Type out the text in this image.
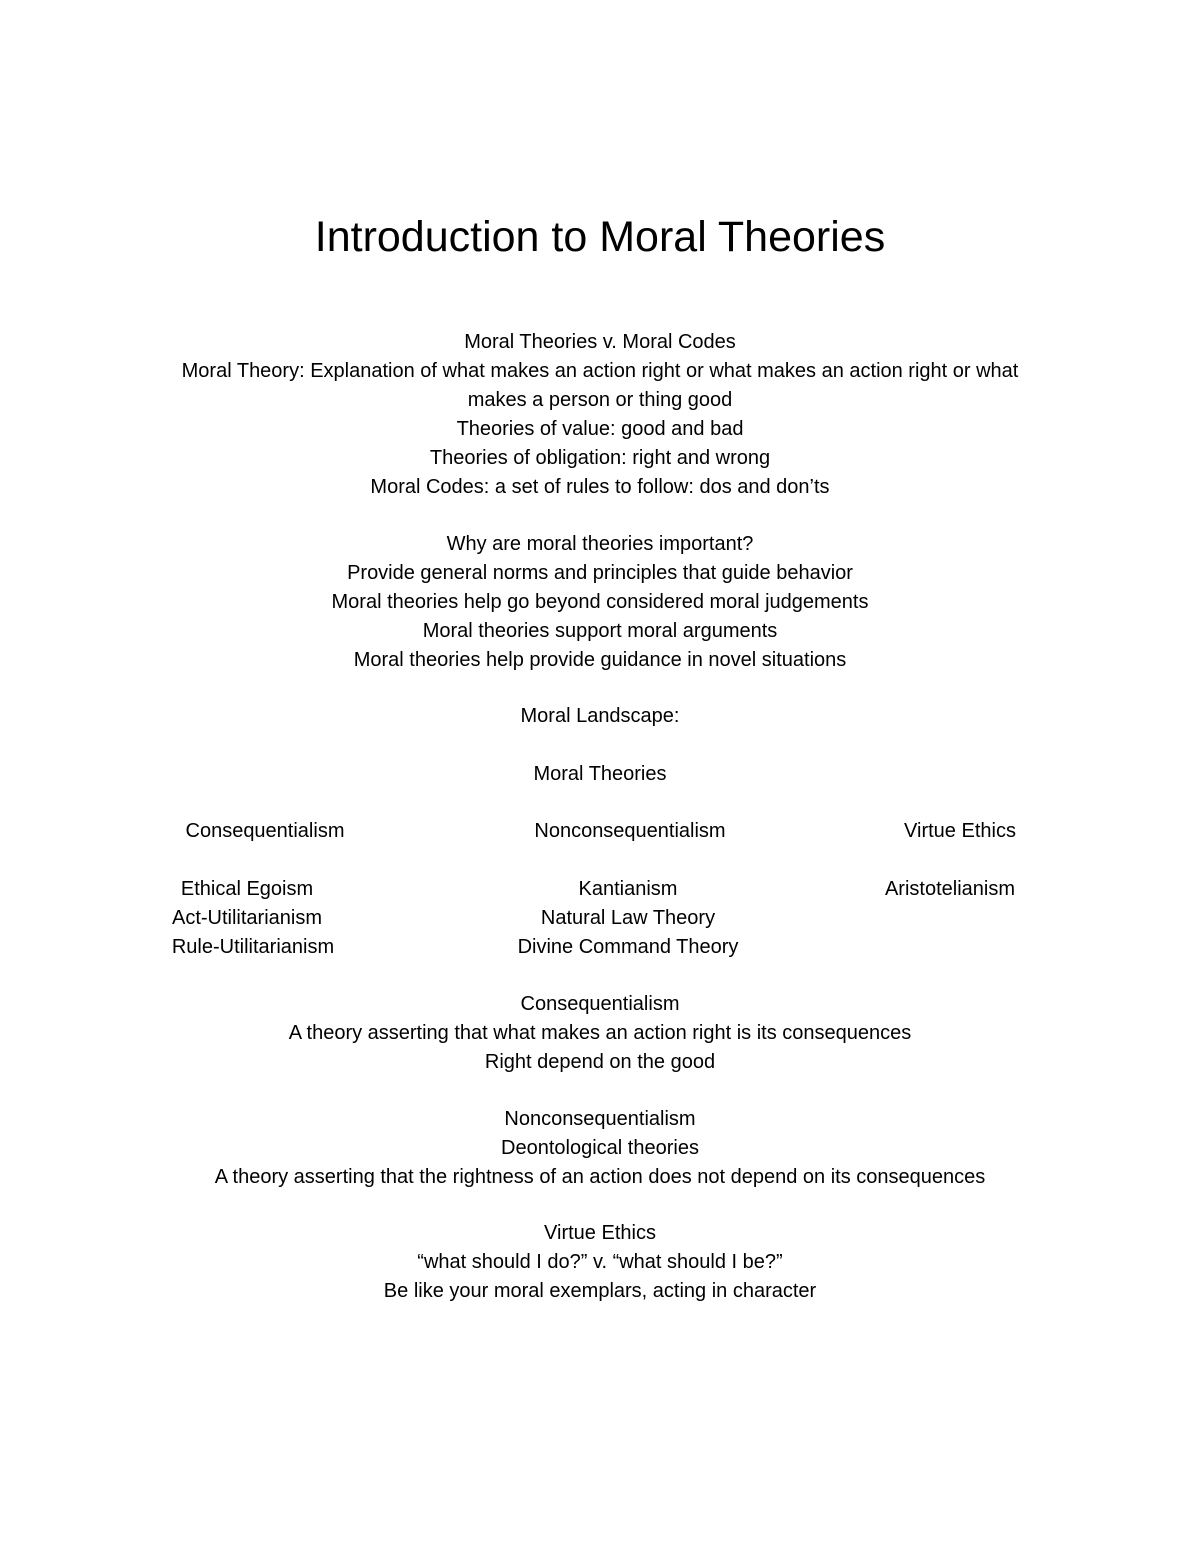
Introduction to Moral Theories
Moral Theories v. Moral Codes
Moral Theory: Explanation of what makes an action right or what makes an action right or what
makes a person or thing good
Theories of value: good and bad
Theories of obligation: right and wrong
Moral Codes: a set of rules to follow: dos and don’ts
Why are moral theories important?
Provide general norms and principles that guide behavior
Moral theories help go beyond considered moral judgements
Moral theories support moral arguments
Moral theories help provide guidance in novel situations
Moral Landscape:
Moral Theories
Consequentialism	Nonconsequentialism	Virtue Ethics
Ethical Egoism
Act-Utilitarianism
Rule-Utilitarianism
Kantianism
Natural Law Theory
Divine Command Theory
Aristotelianism
Consequentialism
A theory asserting that what makes an action right is its consequences
Right depend on the good
Nonconsequentialism
Deontological theories
A theory asserting that the rightness of an action does not depend on its consequences
Virtue Ethics
“what should I do?” v. “what should I be?”
Be like your moral exemplars, acting in character
